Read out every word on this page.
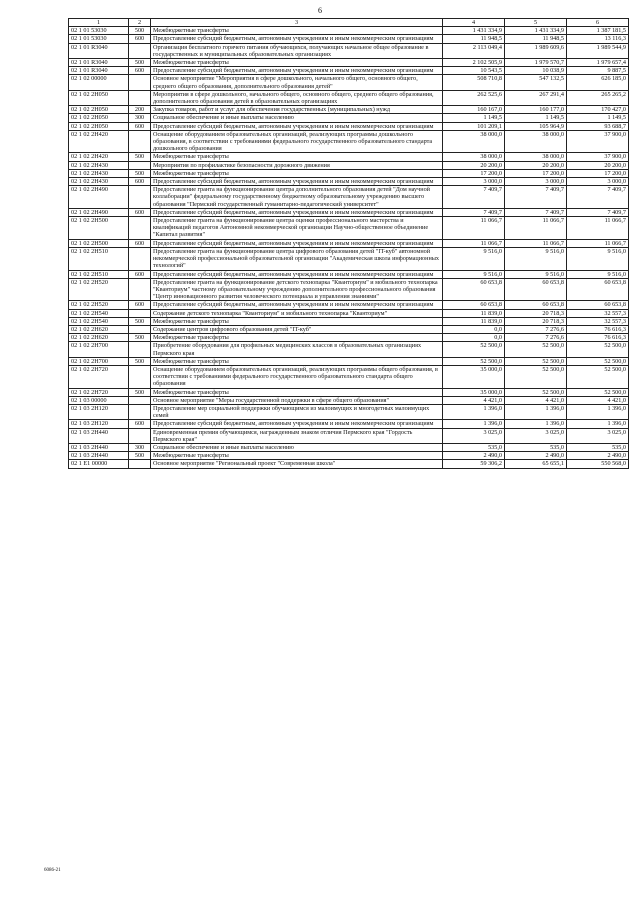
6
1	2	3	4	5	6
02 1 01 53030	500	Межбюджетные трансферты	1 431 334,9	1 431 334,9	1 387 181,5
02 1 01 53030	600	Предоставление субсидий бюджетным, автономным учреждениям и иным некоммерческим организациям	11 948,5	11 948,5	13 116,3
02 1 01 R3040		Организация бесплатного горячего питания обучающихся, получающих начальное общее образование в государственных и муниципальных образовательных организациях	2 113 049,4	1 989 609,6	1 989 544,9
02 1 01 R3040	500	Межбюджетные трансферты	2 102 505,9	1 979 570,7	1 979 657,4
02 1 01 R3040	600	Предоставление субсидий бюджетным, автономным учреждениям и иным некоммерческим организациям	10 543,5	10 038,9	9 887,5
02 1 02 00000		Основное мероприятие "Мероприятия в сфере дошкольного, начального общего, основного общего, среднего общего образования, дополнительного образования детей"	508 710,8	547 132,5	626 185,0
02 1 02 2Н050		Мероприятия в сфере дошкольного, начального общего, основного общего, среднего общего образования, дополнительного образования детей в образовательных организациях	262 525,6	267 291,4	265 265,2
02 1 02 2Н050	200	Закупка товаров, работ и услуг для обеспечения государственных (муниципальных) нужд	160 167,0	160 177,0	170 427,0
02 1 02 2Н050	300	Социальное обеспечение и иные выплаты населению	1 149,5	1 149,5	1 149,5
02 1 02 2Н050	600	Предоставление субсидий бюджетным, автономным учреждениям и иным некоммерческим организациям	101 209,1	105 964,9	93 688,7
02 1 02 2Н420		Оснащение оборудованием образовательных организаций, реализующих программы дошкольного образования, в соответствии с требованиями федерального государственного образовательного стандарта дошкольного образования	38 000,0	38 000,0	37 900,0
02 1 02 2Н420	500	Межбюджетные трансферты	38 000,0	38 000,0	37 900,0
02 1 02 2Н430		Мероприятия по профилактике безопасности дорожного движения	20 200,0	20 200,0	20 200,0
02 1 02 2Н430	500	Межбюджетные трансферты	17 200,0	17 200,0	17 200,0
02 1 02 2Н430	600	Предоставление субсидий бюджетным, автономным учреждениям и иным некоммерческим организациям	3 000,0	3 000,0	3 000,0
02 1 02 2Н490		Предоставление гранта на функционирование центра дополнительного образования детей "Дом научной коллаборации" федеральному государственному бюджетному образовательному учреждению высшего образования "Пермский государственный гуманитарно-педагогический университет"	7 409,7	7 409,7	7 409,7
02 1 02 2Н490	600	Предоставление субсидий бюджетным, автономным учреждениям и иным некоммерческим организациям	7 409,7	7 409,7	7 409,7
02 1 02 2Н500		Предоставление гранта на функционирование центра оценки профессионального мастерства и квалификаций педагогов Автономной некоммерческой организации Научно-общественное объединение "Капитал развития"	11 066,7	11 066,7	11 066,7
02 1 02 2Н500	600	Предоставление субсидий бюджетным, автономным учреждениям и иным некоммерческим организациям	11 066,7	11 066,7	11 066,7
02 1 02 2Н510		Предоставление гранта на функционирование центра цифрового образования детей "IT-куб" автономной некоммерческой профессиональной образовательной организации "Академическая школа информационных технологий"	9 516,0	9 516,0	9 516,0
02 1 02 2Н510	600	Предоставление субсидий бюджетным, автономным учреждениям и иным некоммерческим организациям	9 516,0	9 516,0	9 516,0
02 1 02 2Н520		Предоставление гранта на функционирование детского технопарка "Кванториум" и мобильного технопарка "Кванториум" частному образовательному учреждению дополнительного профессионального образования "Центр инновационного развития человеческого потенциала и управления знаниями"	60 653,8	60 653,8	60 653,8
02 1 02 2Н520	600	Предоставление субсидий бюджетным, автономным учреждениям и иным некоммерческим организациям	60 653,8	60 653,8	60 653,8
02 1 02 2Н540		Содержание детского технопарка "Кванториум" и мобильного технопарка "Кванториум"	11 839,0	20 718,3	32 557,3
02 1 02 2Н540	500	Межбюджетные трансферты	11 839,0	20 718,3	32 557,3
02 1 02 2Н620		Содержание центров цифрового образования детей "IT-куб"	0,0	7 276,6	76 616,3
02 1 02 2Н620	500	Межбюджетные трансферты	0,0	7 276,6	76 616,3
02 1 02 2Н700		Приобретение оборудования для профильных медицинских классов в образовательных организациях Пермского края	52 500,0	52 500,0	52 500,0
02 1 02 2Н700	500	Межбюджетные трансферты	52 500,0	52 500,0	52 500,0
02 1 02 2Н720		Оснащение оборудованием образовательных организаций, реализующих программы общего образования, в соответствии с требованиями федерального государственного образовательного стандарта общего образования	35 000,0	52 500,0	52 500,0
02 1 02 2Н720	500	Межбюджетные трансферты	35 000,0	52 500,0	52 500,0
02 1 03 00000		Основное мероприятие "Меры государственной поддержки в сфере общего образования"	4 421,0	4 421,0	4 421,0
02 1 03 2Н120		Предоставление мер социальной поддержки обучающимся из малоимущих и многодетных малоимущих семей	1 396,0	1 396,0	1 396,0
02 1 03 2Н120	600	Предоставление субсидий бюджетным, автономным учреждениям и иным некоммерческим организациям	1 396,0	1 396,0	1 396,0
02 1 03 2Н440		Единовременная премия обучающимся, награжденным знаком отличия Пермского края "Гордость Пермского края"	3 025,0	3 025,0	3 025,0
02 1 03 2Н440	300	Социальное обеспечение и иные выплаты населению	535,0	535,0	535,0
02 1 03 2Н440	500	Межбюджетные трансферты	2 490,0	2 490,0	2 490,0
02 1 Е1 00000		Основное мероприятие "Региональный проект "Современная школа"	59 306,2	65 655,1	550 568,0
6086-21
